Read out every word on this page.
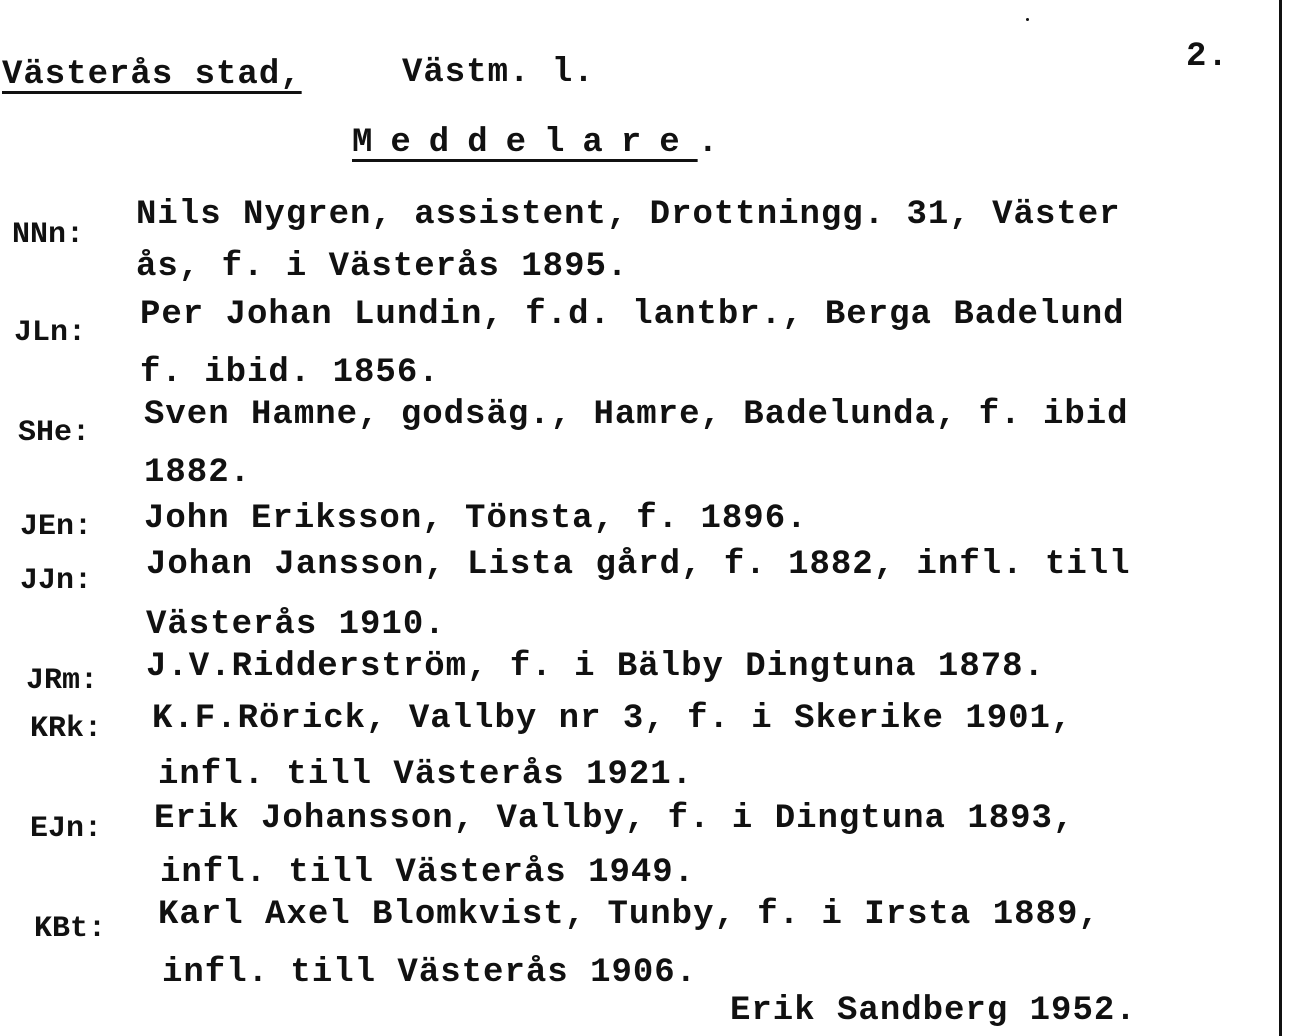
Västerås stad,	Västm. l.	2.
Meddelare.
NNn:
Nils Nygren, assistent, Drottningg. 31, Väster
ås, f. i Västerås 1895.
JLn: Per Johan Lundin, f.d. lantbr., Berga Badelund
f. ibid. 1856.
SHe: Sven Hamne, godsäg., Hamre, Badelunda, f. ibid
1882.
JEn: John Eriksson, Tönsta, f. 1896.
JJn: Johan Jansson, Lista gård, f. 1882, infl. till
Västerås 1910.
JRm: J.V.Ridderström, f. i Bälby Dingtuna 1878.
KRk: K.F.Rörick, Vallby nr 3, f. i Skerike 1901,
infl. till Västerås 1921.
EJn: Erik Johansson, Vallby, f. i Dingtuna 1893,
infl. till Västerås 1949.
KBt: Karl Axel Blomkvist, Tunby, f. i Irsta 1889,
infl. till Västerås 1906.
Erik Sandberg 1952.
